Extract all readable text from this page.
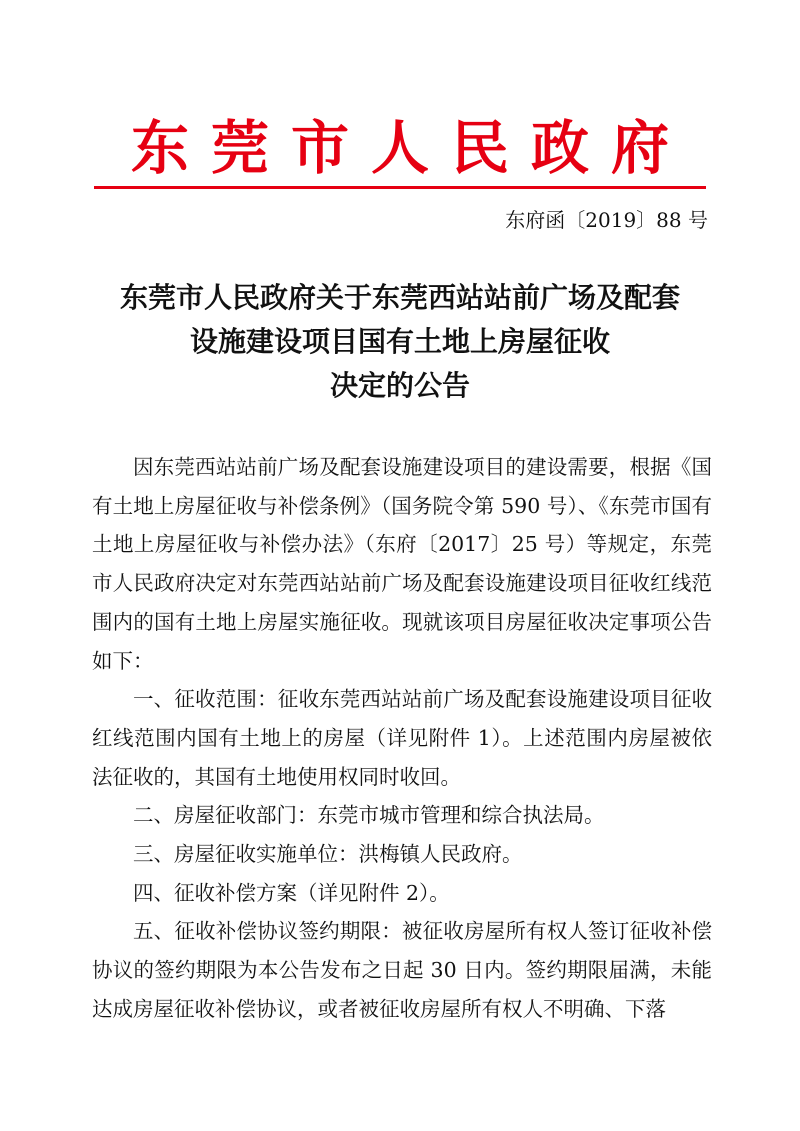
东莞市人民政府
东府函〔2019〕88 号
东莞市人民政府关于东莞西站站前广场及配套
设施建设项目国有土地上房屋征收
决定的公告

因东莞西站站前广场及配套设施建设项目的建设需要，根据《国有土地上房屋征收与补偿条例》（国务院令第 590 号）、《东莞市国有土地上房屋征收与补偿办法》（东府〔2017〕25 号）等规定，东莞市人民政府决定对东莞西站站前广场及配套设施建设项目征收红线范围内的国有土地上房屋实施征收。现就该项目房屋征收决定事项公告如下：

一、征收范围：征收东莞西站站前广场及配套设施建设项目征收红线范围内国有土地上的房屋（详见附件 1）。上述范围内房屋被依法征收的，其国有土地使用权同时收回。

二、房屋征收部门：东莞市城市管理和综合执法局。

三、房屋征收实施单位：洪梅镇人民政府。

四、征收补偿方案（详见附件 2）。

五、征收补偿协议签约期限：被征收房屋所有权人签订征收补偿协议的签约期限为本公告发布之日起 30 日内。签约期限届满，未能达成房屋征收补偿协议，或者被征收房屋所有权人不明确、下落
